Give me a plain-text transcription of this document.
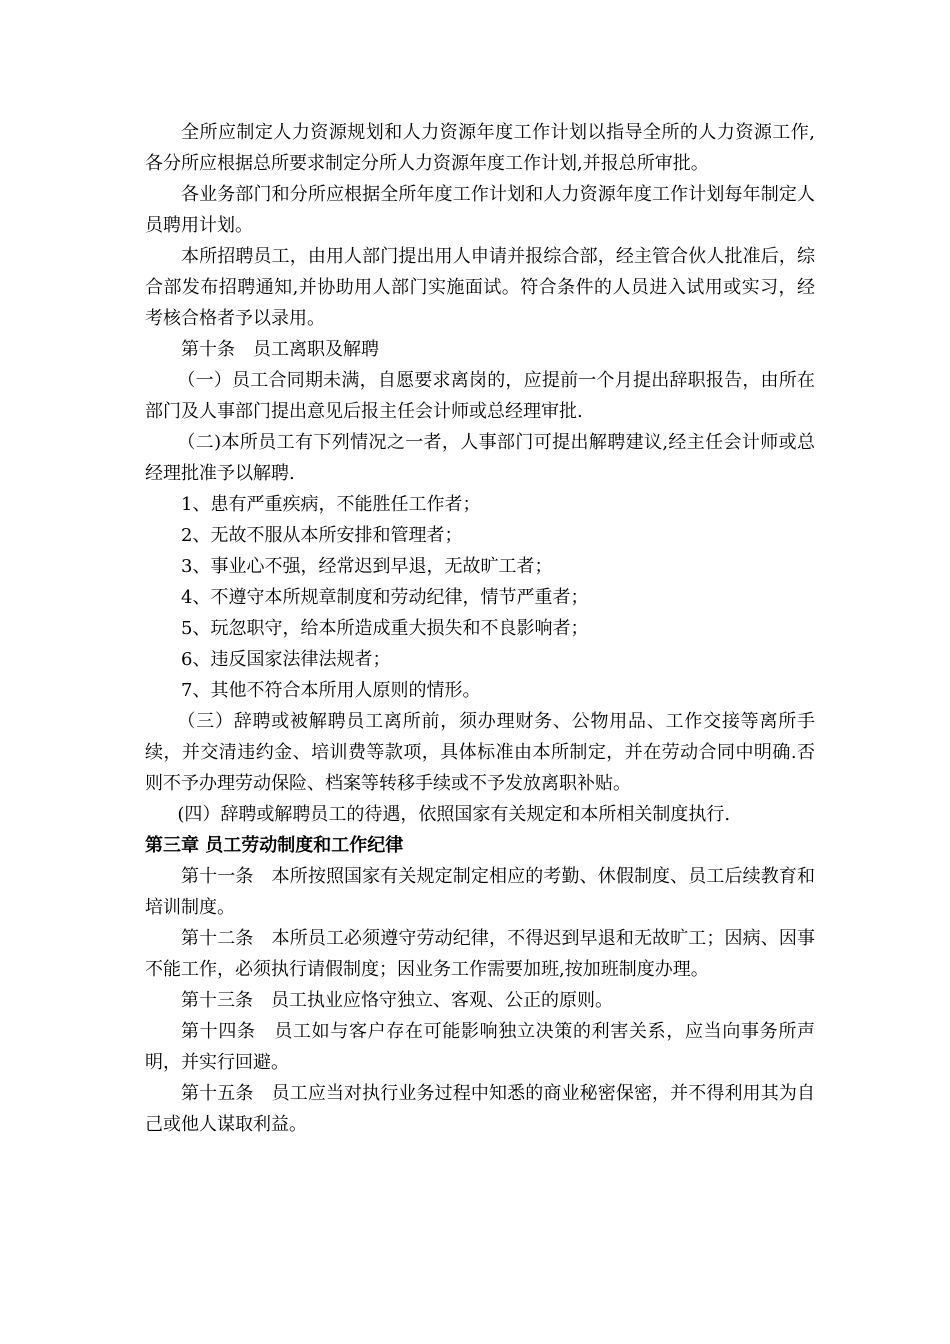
全所应制定人力资源规划和人力资源年度工作计划以指导全所的人力资源工作,各分所应根据总所要求制定分所人力资源年度工作计划,并报总所审批。

各业务部门和分所应根据全所年度工作计划和人力资源年度工作计划每年制定人员聘用计划。

本所招聘员工，由用人部门提出用人申请并报综合部，经主管合伙人批准后，综合部发布招聘通知,并协助用人部门实施面试。符合条件的人员进入试用或实习，经考核合格者予以录用。

第十条　员工离职及解聘

（一）员工合同期未满，自愿要求离岗的，应提前一个月提出辞职报告，由所在部门及人事部门提出意见后报主任会计师或总经理审批.

（二)本所员工有下列情况之一者，人事部门可提出解聘建议,经主任会计师或总经理批准予以解聘.

1、患有严重疾病，不能胜任工作者；

2、无故不服从本所安排和管理者；

3、事业心不强，经常迟到早退，无故旷工者；

4、不遵守本所规章制度和劳动纪律，情节严重者；

5、玩忽职守，给本所造成重大损失和不良影响者；

6、违反国家法律法规者；

7、其他不符合本所用人原则的情形。

（三）辞聘或被解聘员工离所前，须办理财务、公物用品、工作交接等离所手续，并交清违约金、培训费等款项，具体标准由本所制定，并在劳动合同中明确.否则不予办理劳动保险、档案等转移手续或不予发放离职补贴。

(四）辞聘或解聘员工的待遇，依照国家有关规定和本所相关制度执行.

第三章 员工劳动制度和工作纪律

第十一条　本所按照国家有关规定制定相应的考勤、休假制度、员工后续教育和培训制度。

第十二条　本所员工必须遵守劳动纪律，不得迟到早退和无故旷工；因病、因事不能工作，必须执行请假制度；因业务工作需要加班,按加班制度办理。

第十三条　员工执业应恪守独立、客观、公正的原则。

第十四条　员工如与客户存在可能影响独立决策的利害关系，应当向事务所声明，并实行回避。

第十五条　员工应当对执行业务过程中知悉的商业秘密保密，并不得利用其为自己或他人谋取利益。
